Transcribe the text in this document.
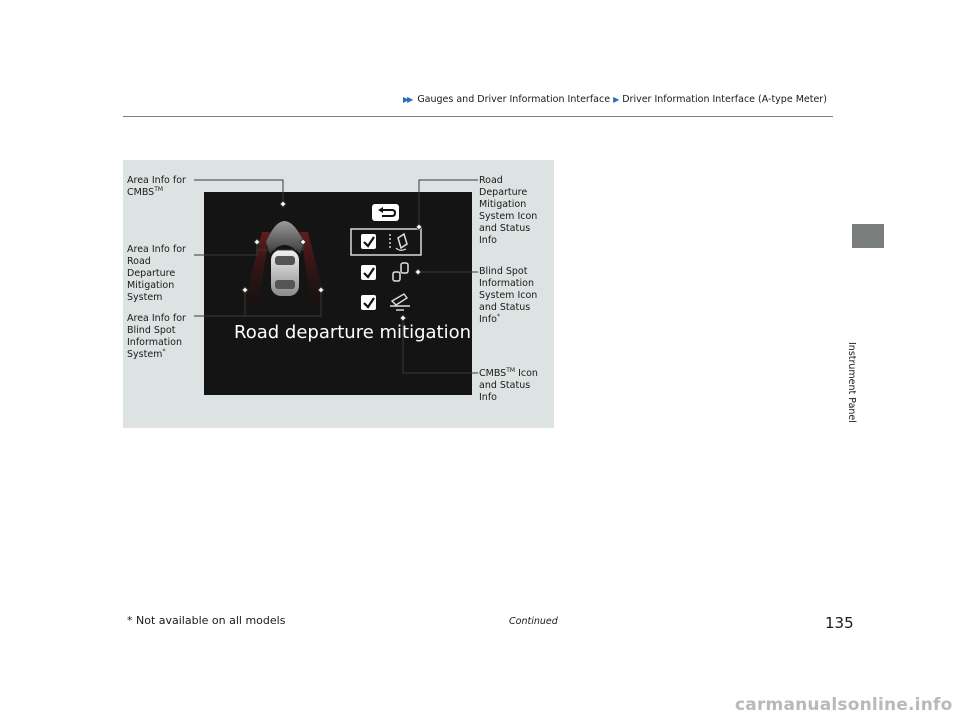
▶▶ Gauges and Driver Information Interface ▶ Driver Information Interface (A-type Meter)
Instrument Panel
Road departure mitigation
Area Info for
CMBS™
Area Info for
Road
Departure
Mitigation
System
Area Info for
Blind Spot
Information
System*
Road
Departure
Mitigation
System Icon
and Status
Info
Blind Spot
Information
System Icon
and Status
Info*
CMBS™ Icon
and Status
Info
* Not available on all models	Continued	135
carmanualsonline.info
